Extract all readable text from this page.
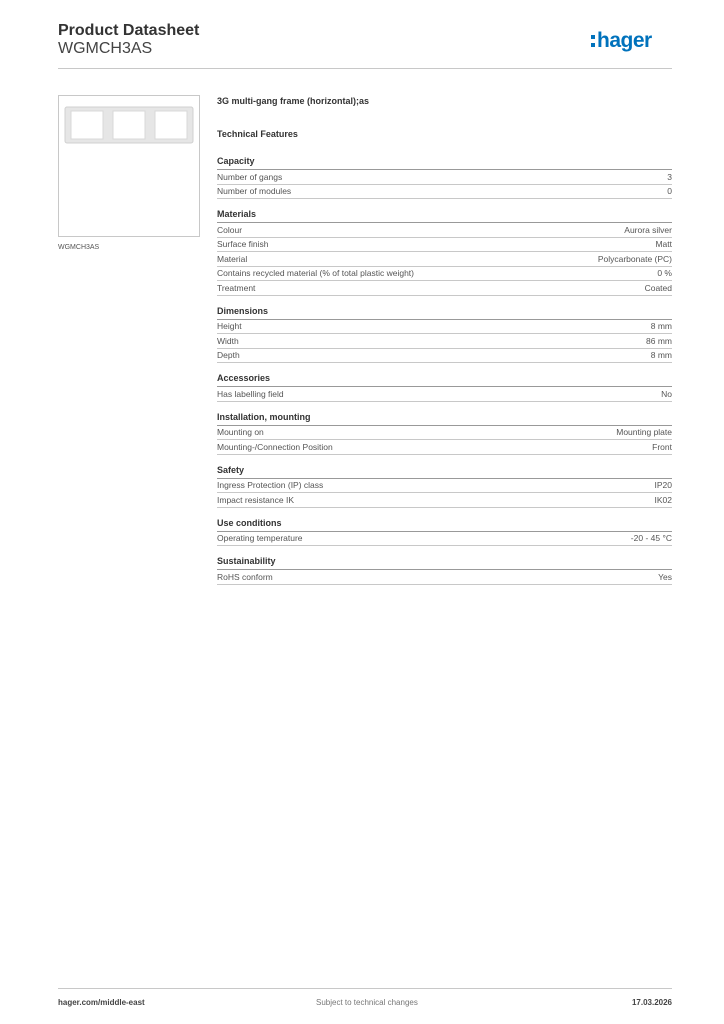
Product Datasheet
WGMCH3AS	hager
WGMCH3AS
3G multi-gang frame (horizontal);as
Technical Features
Capacity
Number of gangs	3
Number of modules	0
Materials
Colour	Aurora silver
Surface finish	Matt
Material	Polycarbonate (PC)
Contains recycled material (% of total plastic weight)	0 %
Treatment	Coated
Dimensions
Height	8 mm
Width	86 mm
Depth	8 mm
Accessories
Has labelling field	No
Installation, mounting
Mounting on	Mounting plate
Mounting-/Connection Position	Front
Safety
Ingress Protection (IP) class	IP20
Impact resistance IK	IK02
Use conditions
Operating temperature	-20 - 45 °C
Sustainability
RoHS conform	Yes
hager.com/middle-east	Subject to technical changes	17.03.2026
